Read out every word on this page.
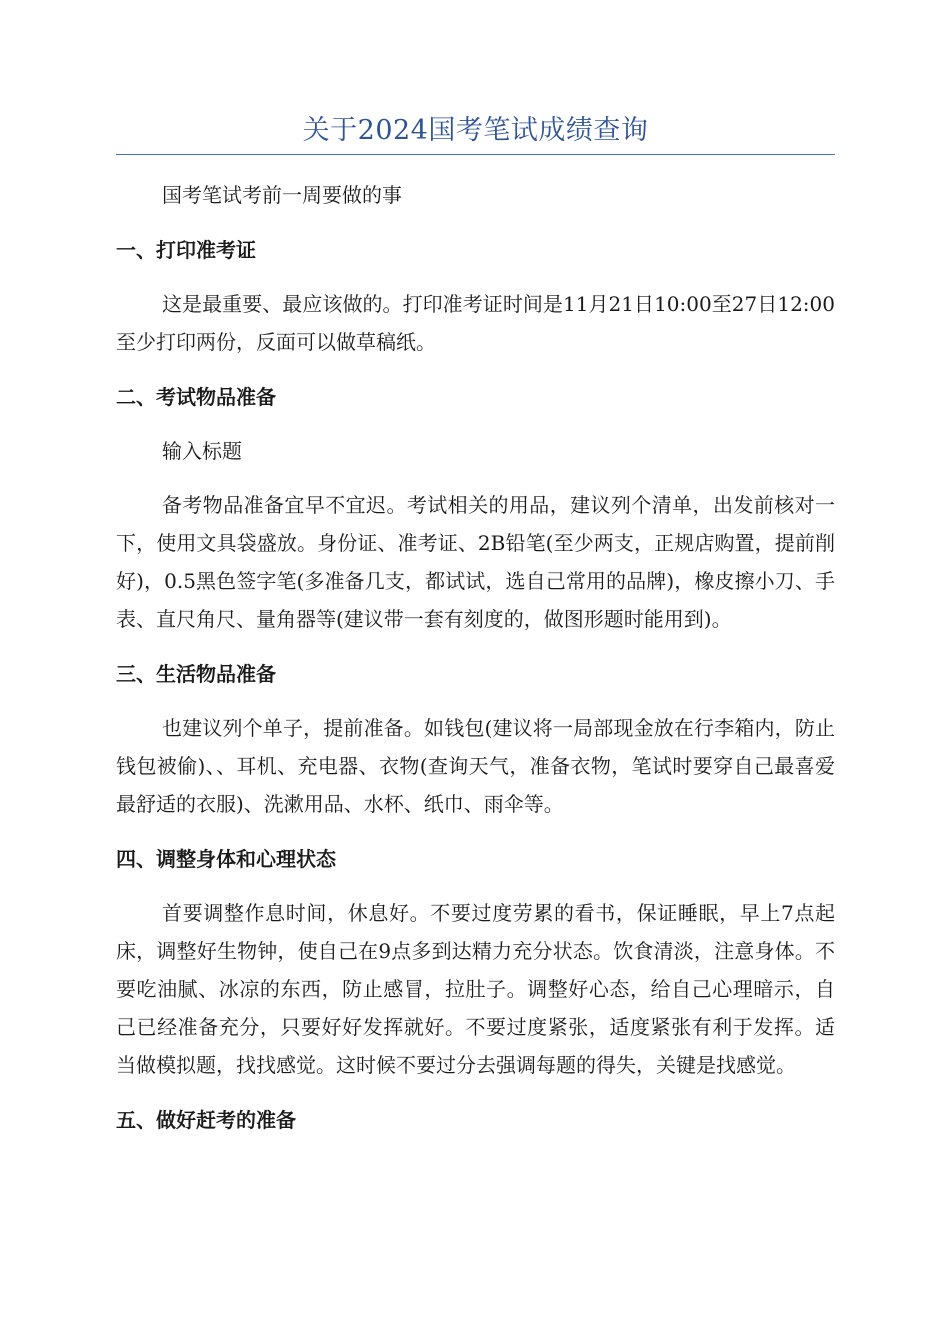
关于2024国考笔试成绩查询

国考笔试考前一周要做的事

一、打印准考证

这是最重要、最应该做的。打印准考证时间是11月21日10:00至27日12:00至少打印两份，反面可以做草稿纸。

二、考试物品准备

输入标题

备考物品准备宜早不宜迟。考试相关的用品，建议列个清单，出发前核对一下，使用文具袋盛放。身份证、准考证、2B铅笔(至少两支，正规店购置，提前削好)，0.5黑色签字笔(多准备几支，都试试，选自己常用的品牌)，橡皮擦小刀、手表、直尺角尺、量角器等(建议带一套有刻度的，做图形题时能用到)。

三、生活物品准备

也建议列个单子，提前准备。如钱包(建议将一局部现金放在行李箱内，防止钱包被偷)、、耳机、充电器、衣物(查询天气，准备衣物，笔试时要穿自己最喜爱最舒适的衣服)、洗漱用品、水杯、纸巾、雨伞等。

四、调整身体和心理状态

首要调整作息时间，休息好。不要过度劳累的看书，保证睡眠，早上7点起床，调整好生物钟，使自己在9点多到达精力充分状态。饮食清淡，注意身体。不要吃油腻、冰凉的东西，防止感冒，拉肚子。调整好心态，给自己心理暗示，自己已经准备充分，只要好好发挥就好。不要过度紧张，适度紧张有利于发挥。适当做模拟题，找找感觉。这时候不要过分去强调每题的得失，关键是找感觉。

五、做好赶考的准备
